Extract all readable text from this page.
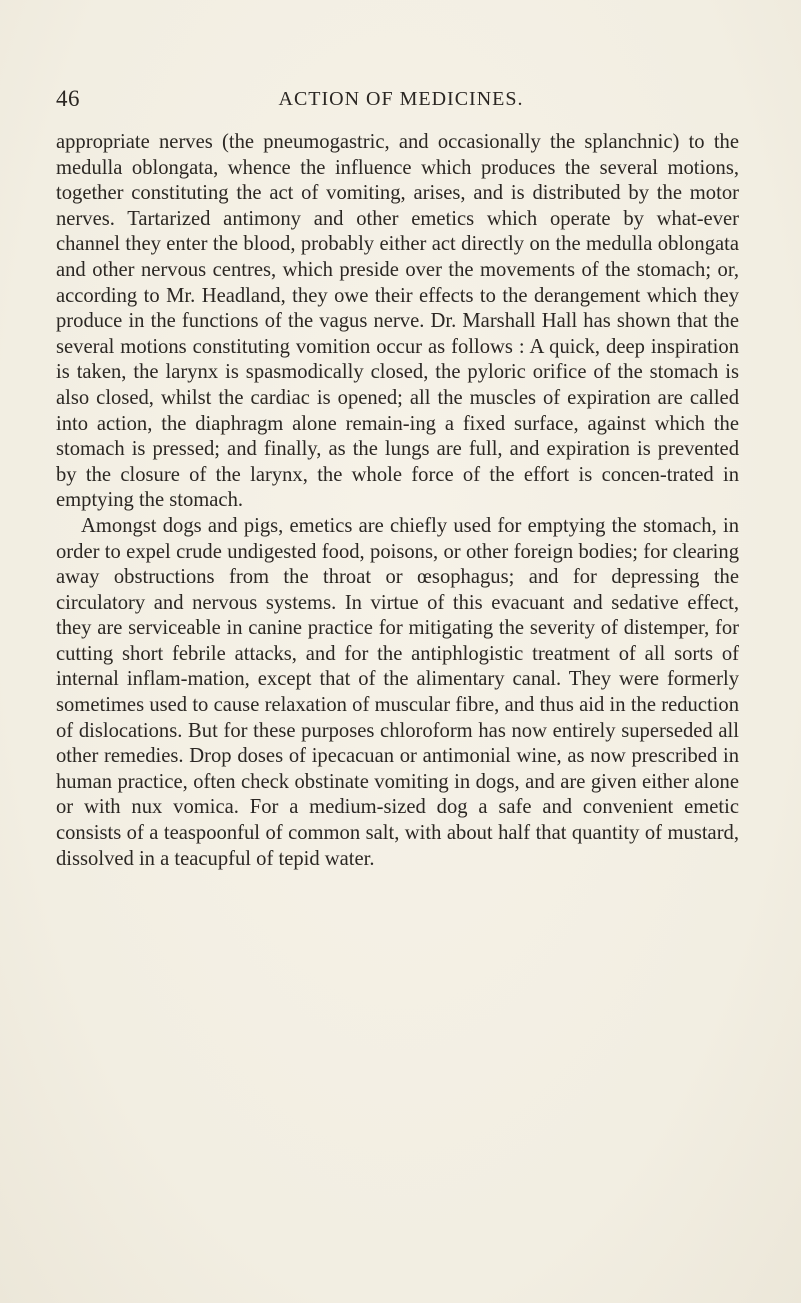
46	ACTION OF MEDICINES.

appropriate nerves (the pneumogastric, and occasionally the splanchnic) to the medulla oblongata, whence the influence which produces the several motions, together constituting the act of vomiting, arises, and is distributed by the motor nerves. Tartarized antimony and other emetics which operate by what-ever channel they enter the blood, probably either act directly on the medulla oblongata and other nervous centres, which preside over the movements of the stomach; or, according to Mr. Headland, they owe their effects to the derangement which they produce in the functions of the vagus nerve. Dr. Marshall Hall has shown that the several motions constituting vomition occur as follows : A quick, deep inspiration is taken, the larynx is spasmodically closed, the pyloric orifice of the stomach is also closed, whilst the cardiac is opened; all the muscles of expiration are called into action, the diaphragm alone remain-ing a fixed surface, against which the stomach is pressed; and finally, as the lungs are full, and expiration is prevented by the closure of the larynx, the whole force of the effort is concen-trated in emptying the stomach.

Amongst dogs and pigs, emetics are chiefly used for emptying the stomach, in order to expel crude undigested food, poisons, or other foreign bodies; for clearing away obstructions from the throat or œsophagus; and for depressing the circulatory and nervous systems. In virtue of this evacuant and sedative effect, they are serviceable in canine practice for mitigating the severity of distemper, for cutting short febrile attacks, and for the antiphlogistic treatment of all sorts of internal inflam-mation, except that of the alimentary canal. They were formerly sometimes used to cause relaxation of muscular fibre, and thus aid in the reduction of dislocations. But for these purposes chloroform has now entirely superseded all other remedies. Drop doses of ipecacuan or antimonial wine, as now prescribed in human practice, often check obstinate vomiting in dogs, and are given either alone or with nux vomica. For a medium-sized dog a safe and convenient emetic consists of a teaspoonful of common salt, with about half that quantity of mustard, dissolved in a teacupful of tepid water.
